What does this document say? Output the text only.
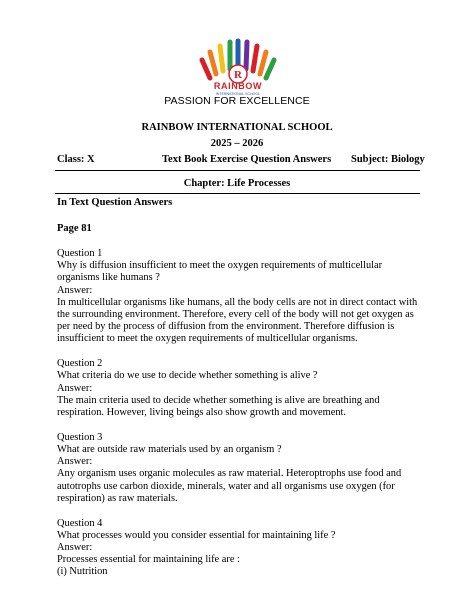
R
RAINBOW
INTERNATIONAL SCHOOL
PASSION FOR EXCELLENCE
RAINBOW INTERNATIONAL SCHOOL
2025 – 2026
Class: X	Text Book Exercise Question Answers Subject: Biology
Chapter: Life Processes
In Text Question Answers
Page 81
Question 1
Why is diffusion insufficient to meet the oxygen requirements of multicellular organisms like humans ?
Answer:
In multicellular organisms like humans, all the body cells are not in direct contact with the surrounding environment. Therefore, every cell of the body will not get oxygen as per need by the process of diffusion from the environment. Therefore diffusion is insufficient to meet the oxygen requirements of multicellular organisms.
Question 2
What criteria do we use to decide whether something is alive ?
Answer:
The main criteria used to decide whether something is alive are breathing and respiration. However, living beings also show growth and movement.
Question 3
What are outside raw materials used by an organism ?
Answer:
Any organism uses organic molecules as raw material. Heteroptrophs use food and autotrophs use carbon dioxide, minerals, water and all organisms use oxygen (for respiration) as raw materials.
Question 4
What processes would you consider essential for maintaining life ?
Answer:
Processes essential for maintaining life are :
(i) Nutrition
